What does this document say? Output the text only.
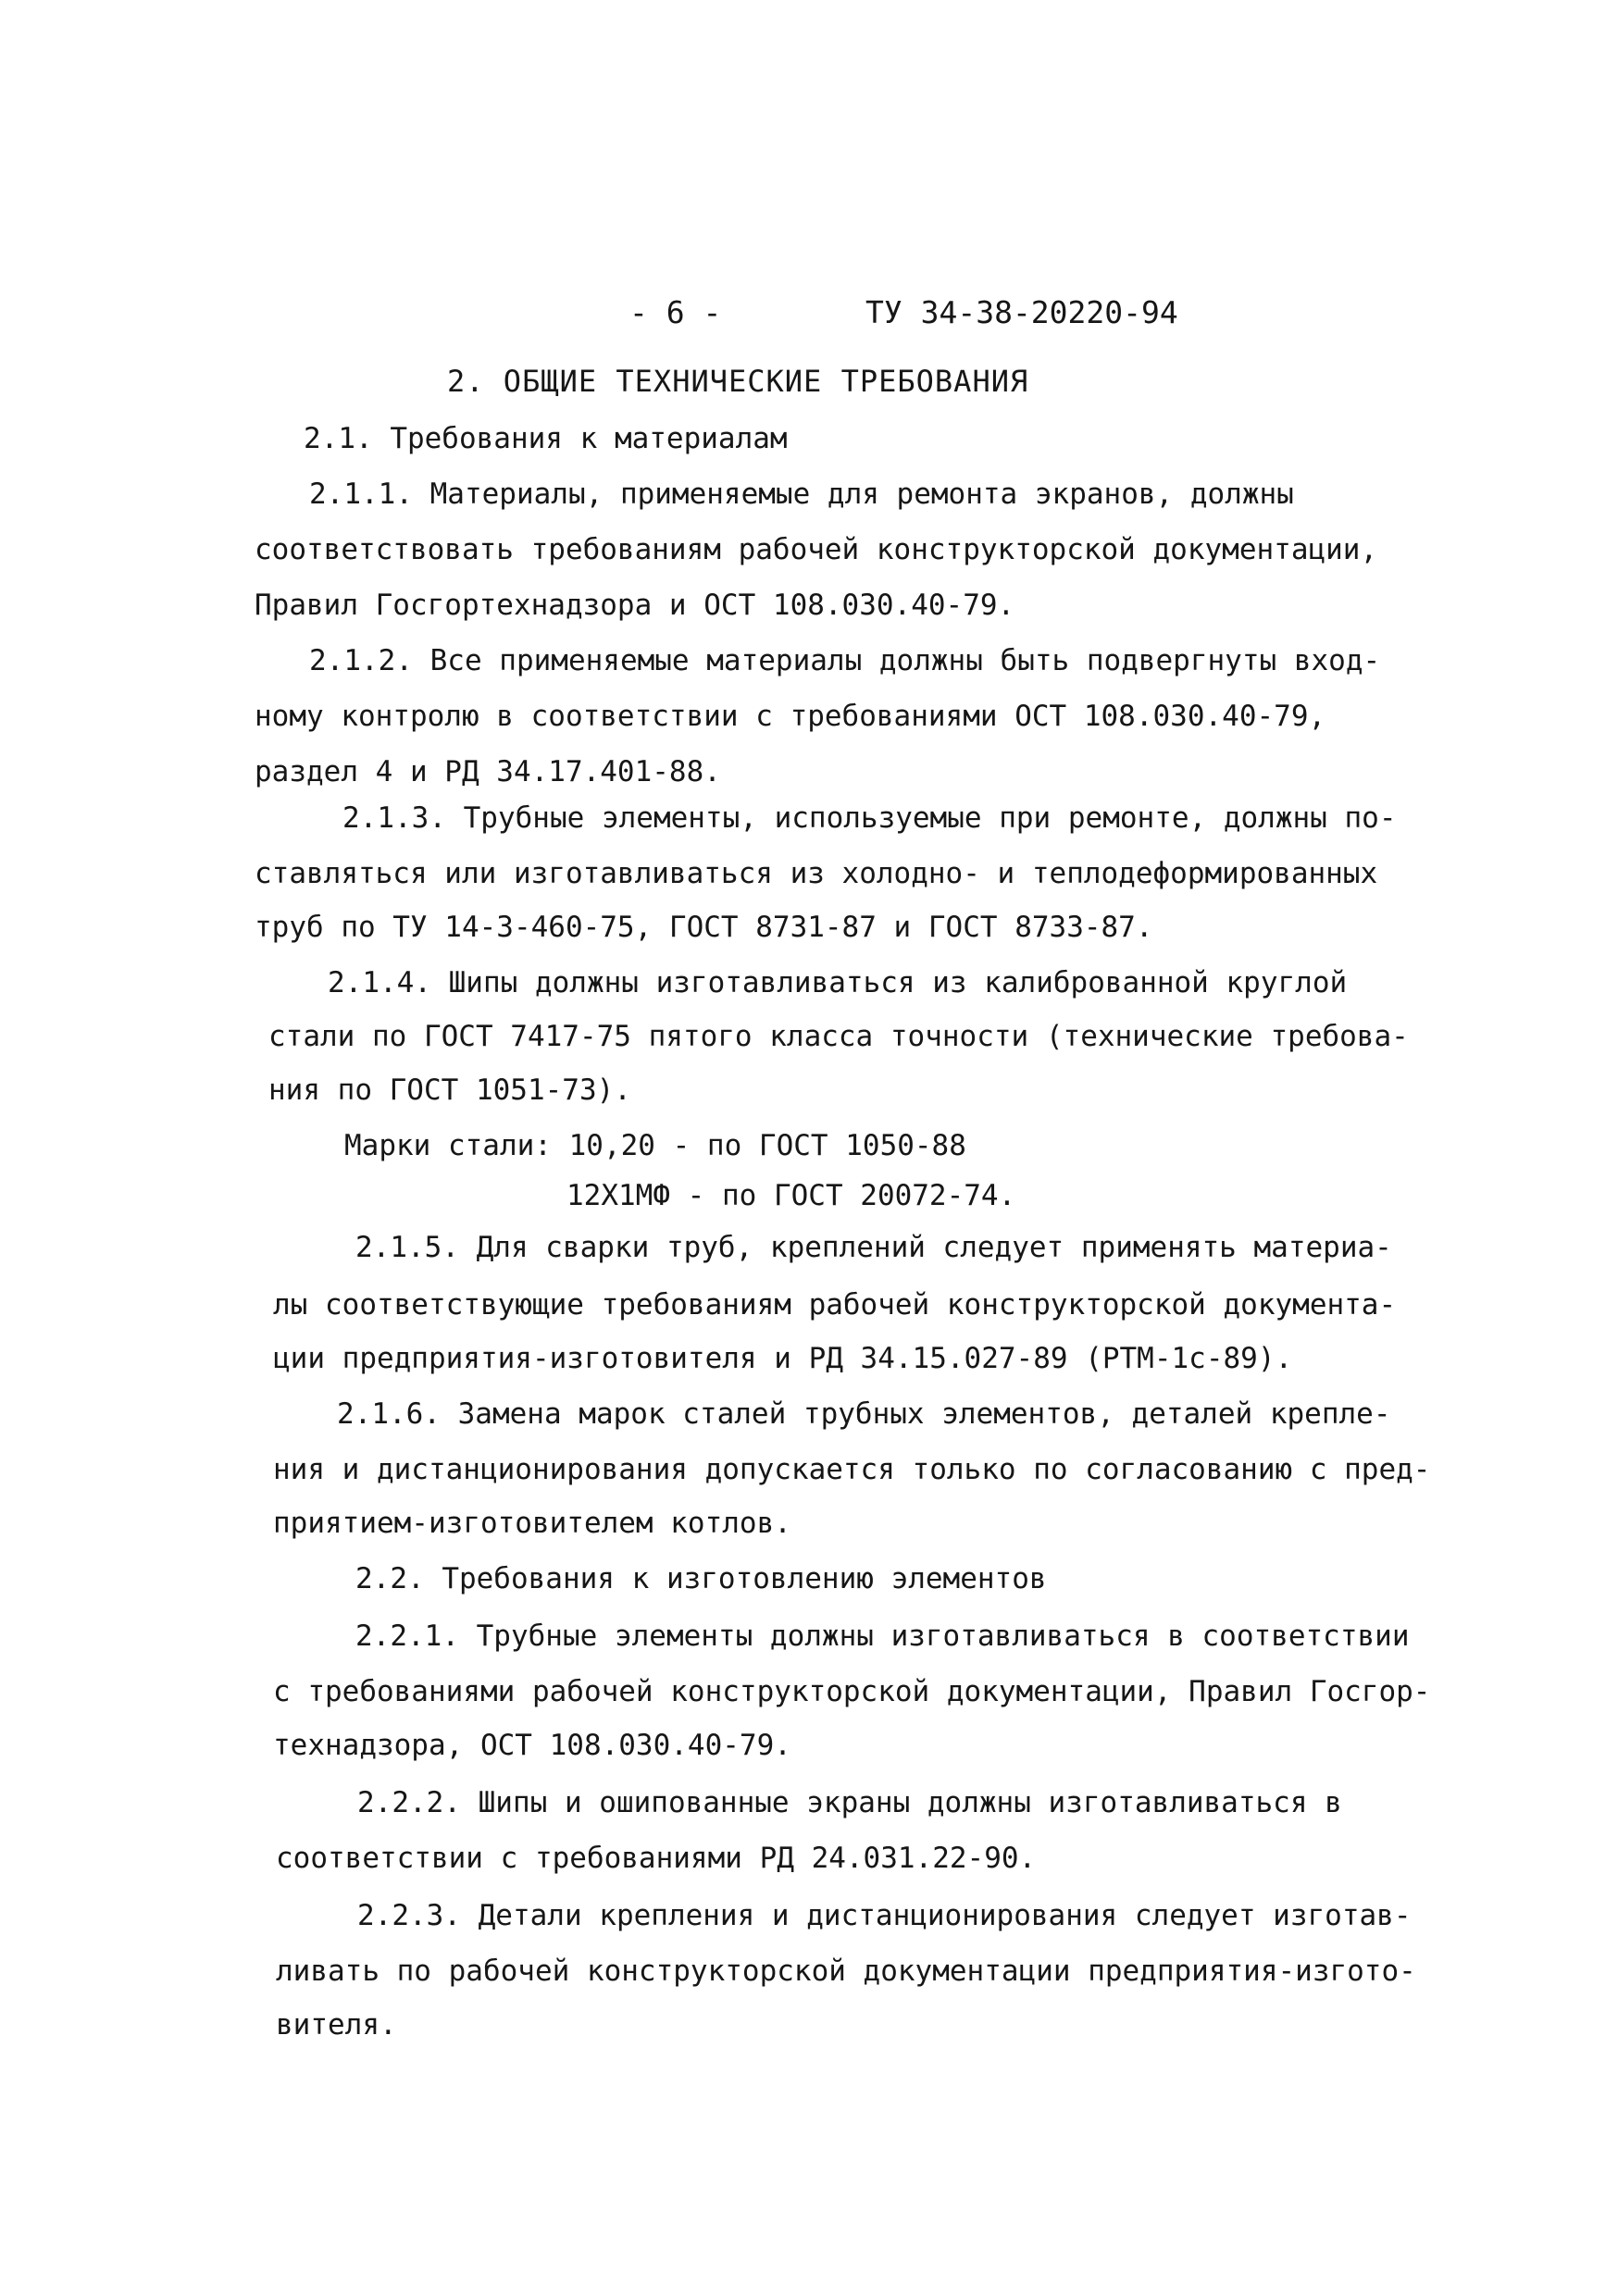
- 6 -	ТУ 34-38-20220-94
2. ОБЩИЕ ТЕХНИЧЕСКИЕ ТРЕБОВАНИЯ
2.1. Требования к материалам
2.1.1. Материалы, применяемые для ремонта экранов, должны
соответствовать требованиям рабочей конструкторской документации,
Правил Госгортехнадзора и ОСТ 108.030.40-79.
2.1.2. Все применяемые материалы должны быть подвергнуты вход-
ному контролю в соответствии с требованиями ОСТ 108.030.40-79,
раздел 4 и РД 34.17.401-88.
2.1.3. Трубные элементы, используемые при ремонте, должны по-
ставляться или изготавливаться из холодно- и теплодеформированных
труб по ТУ 14-3-460-75, ГОСТ 8731-87 и ГОСТ 8733-87.
2.1.4. Шипы должны изготавливаться из калиброванной круглой
стали по ГОСТ 7417-75 пятого класса точности (технические требова-
ния по ГОСТ 1051-73).
Марки стали: 10,20 - по ГОСТ 1050-88
12Х1МФ - по ГОСТ 20072-74.
2.1.5. Для сварки труб, креплений следует применять материа-
лы соответствующие требованиям рабочей конструкторской документа-
ции предприятия-изготовителя и РД 34.15.027-89 (РТМ-1с-89).
2.1.6. Замена марок сталей трубных элементов, деталей крепле-
ния и дистанционирования допускается только по согласованию с пред-
приятием-изготовителем котлов.
2.2. Требования к изготовлению элементов
2.2.1. Трубные элементы должны изготавливаться в соответствии
с требованиями рабочей конструкторской документации, Правил Госгор-
технадзора, ОСТ 108.030.40-79.
2.2.2. Шипы и ошипованные экраны должны изготавливаться в
соответствии с требованиями РД 24.031.22-90.
2.2.3. Детали крепления и дистанционирования следует изготав-
ливать по рабочей конструкторской документации предприятия-изгото-
вителя.
